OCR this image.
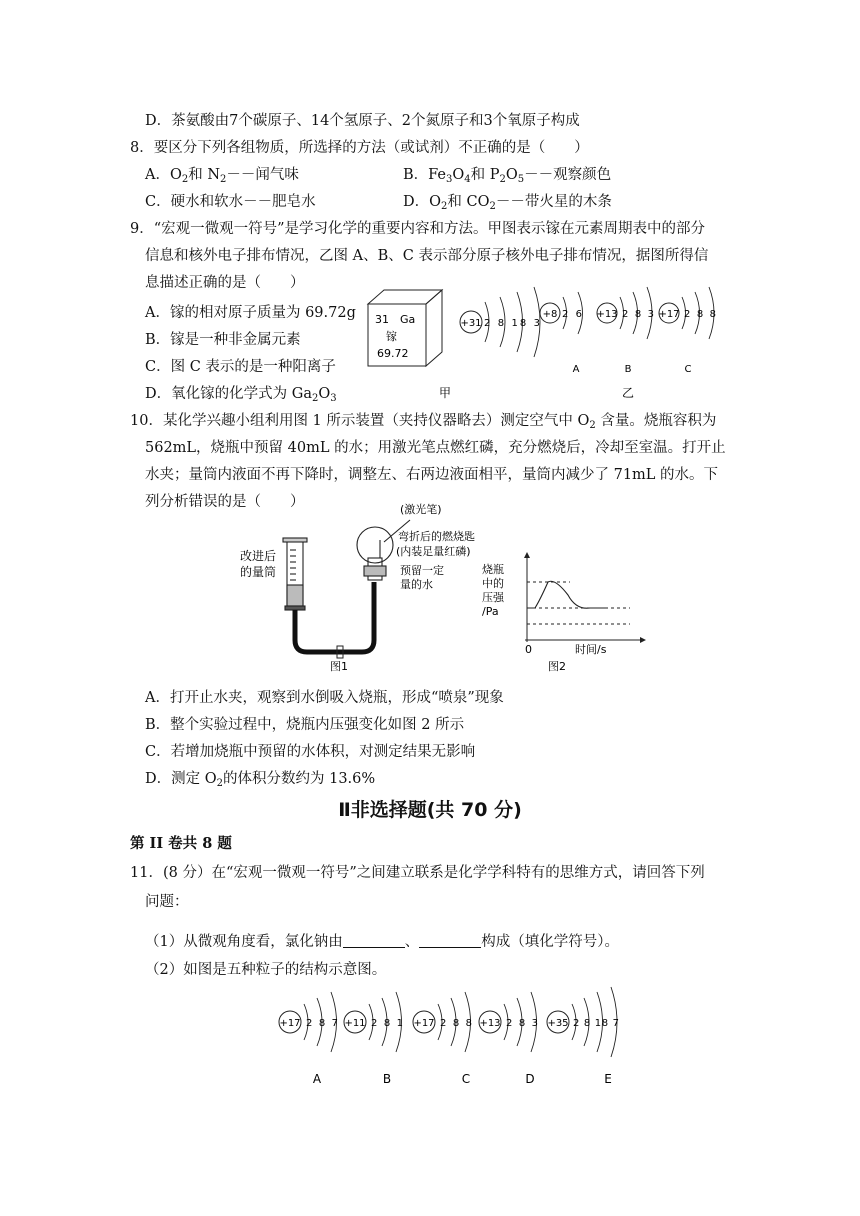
D．茶氨酸由7个碳原子、14个氢原子、2个氮原子和3个氧原子构成
8．要区分下列各组物质，所选择的方法（或试剂）不正确的是（　　）
A．$O_2$和 $N_2--$闻气味	B．$Fe_3O_4$和 $P_2O_5--$观察颜色
C．硬水和软水－－肥皂水	D．$O_2$和 $CO_2--$带火星的木条
9．“宏观一微观一符号”是学习化学的重要内容和方法。甲图表示镓在元素周期表中的部分
信息和核外电子排布情况，乙图 A、B、C 表示部分原子核外电子排布情况，据图所得信
息描述正确的是（　　）
A．镓的相对原子质量为 69.72g
B．镓是一种非金属元素
C．图 C 表示的是一种阳离子
D．氧化镓的化学式为 $Ga_2O_3$
31 Ga
镓
69.72
+31 2 8 18 3
+8 2 6 +13 2 8 3 +17 2 8 8
A	B	C
甲	乙
10．某化学兴趣小组利用图 1 所示装置（夹持仪器略去）测定空气中 $O_2$ 含量。烧瓶容积为
562mL，烧瓶中预留 40mL 的水；用激光笔点燃红磷，充分燃烧后，冷却至室温。打开止
水夹；量筒内液面不再下降时，调整左、右两边液面相平，量筒内减少了 71mL 的水。下
列分析错误的是（　　）	(激光笔)
改进后
的量筒
弯折后的燃烧匙
(内装足量红磷)
预留一定
量的水
烧瓶
中的
压强
/Pa
0	时间/s
图1	图2
A．打开止水夹，观察到水倒吸入烧瓶，形成“喷泉”现象
B．整个实验过程中，烧瓶内压强变化如图 2 所示
C．若增加烧瓶中预留的水体积，对测定结果无影响
D．测定 $O_2$的体积分数约为 13.6%
Ⅱ非选择题(共 70 分)
第 II 卷共 8 题
11．(8 分）在“宏观一微观一符号”之间建立联系是化学学科特有的思维方式，请回答下列
问题：
（1）从微观角度看，氯化钠由	、	构成（填化学符号）。
（2）如图是五种粒子的结构示意图。
+17 2 8 7
A
+11 2 8 1
B
+17 2 8 8
C
+13 2 8 3
D
+35 2 8 18 7
E
